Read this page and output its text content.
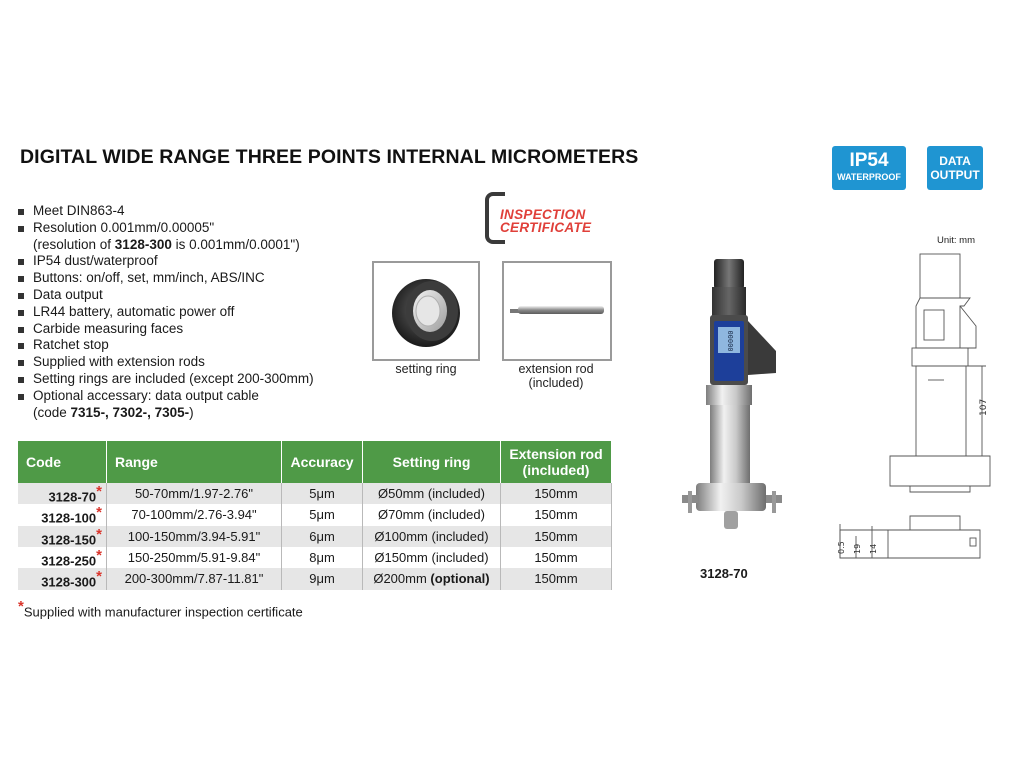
DIGITAL WIDE RANGE THREE POINTS INTERNAL MICROMETERS	IP54
WATERPROOF
DATA
OUTPUT
Meet DIN863-4
Resolution 0.001mm/0.00005"
(resolution of 3128-300 is 0.001mm/0.0001")
IP54 dust/waterproof
Buttons: on/off, set, mm/inch, ABS/INC
Data output
LR44 battery, automatic power off
Carbide measuring faces
Ratchet stop
Supplied with extension rods
Setting rings are included (except 200-300mm)
Optional accessary: data output cable
(code 7315-, 7302-, 7305-)
INSPECTION
CERTIFICATE
setting ring	extension rod
(included)
Code	Range	Accuracy	Setting ring	Extension rod
(included)
3128-70*	50-70mm/1.97-2.76"	5μm	Ø50mm (included)	150mm
3128-100*	70-100mm/2.76-3.94"	5μm	Ø70mm (included)	150mm
3128-150*	100-150mm/3.94-5.91"	6μm	Ø100mm (included)	150mm
3128-250*	150-250mm/5.91-9.84"	8μm	Ø150mm (included)	150mm
3128-300*	200-300mm/7.87-11.81"	9μm	Ø200mm (optional)	150mm
*Supplied with manufacturer inspection certificate
00000
3128-70
Unit: mm
107
0.5 19 14
